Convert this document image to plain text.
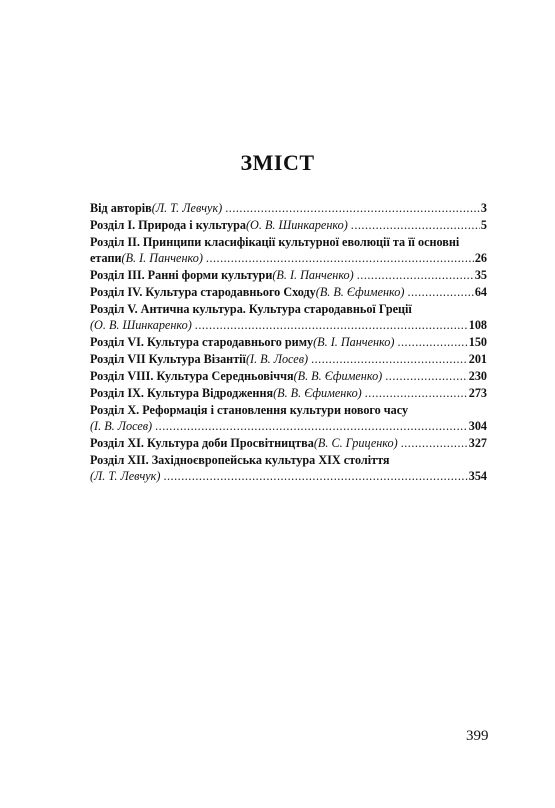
ЗМІСТ
Від авторів (Л. Т. Левчук) .....	3
Розділ І. Природа і культура (О. В. Шинкаренко) .....	5
Розділ ІІ. Принципи класифікації культурної еволюції та її основні
етапи (В. І. Панченко) .....	26
Розділ ІІІ. Ранні форми культури (В. І. Панченко) .....	35
Розділ IV. Культура стародавнього Сходу (В. В. Єфименко) .....	64
Розділ V. Антична культура. Культура стародавньої Греції
(О. В. Шинкаренко) .....	108
Розділ VI. Культура стародавнього риму (В. І. Панченко) .....	150
Розділ VII Культура Візантії (І. В. Лосев) .....	201
Розділ VIII. Культура Середньовіччя (В. В. Єфименко) .....	230
Розділ IX. Культура Відродження (В. В. Єфименко) .....	273
Розділ X. Реформація і становлення культури нового часу
(І. В. Лосев) .....	304
Розділ XI. Культура доби Просвітництва (В. С. Гриценко) .....	327
Розділ XII. Західноєвропейська культура XIX століття
(Л. Т. Левчук) .....	354
399
